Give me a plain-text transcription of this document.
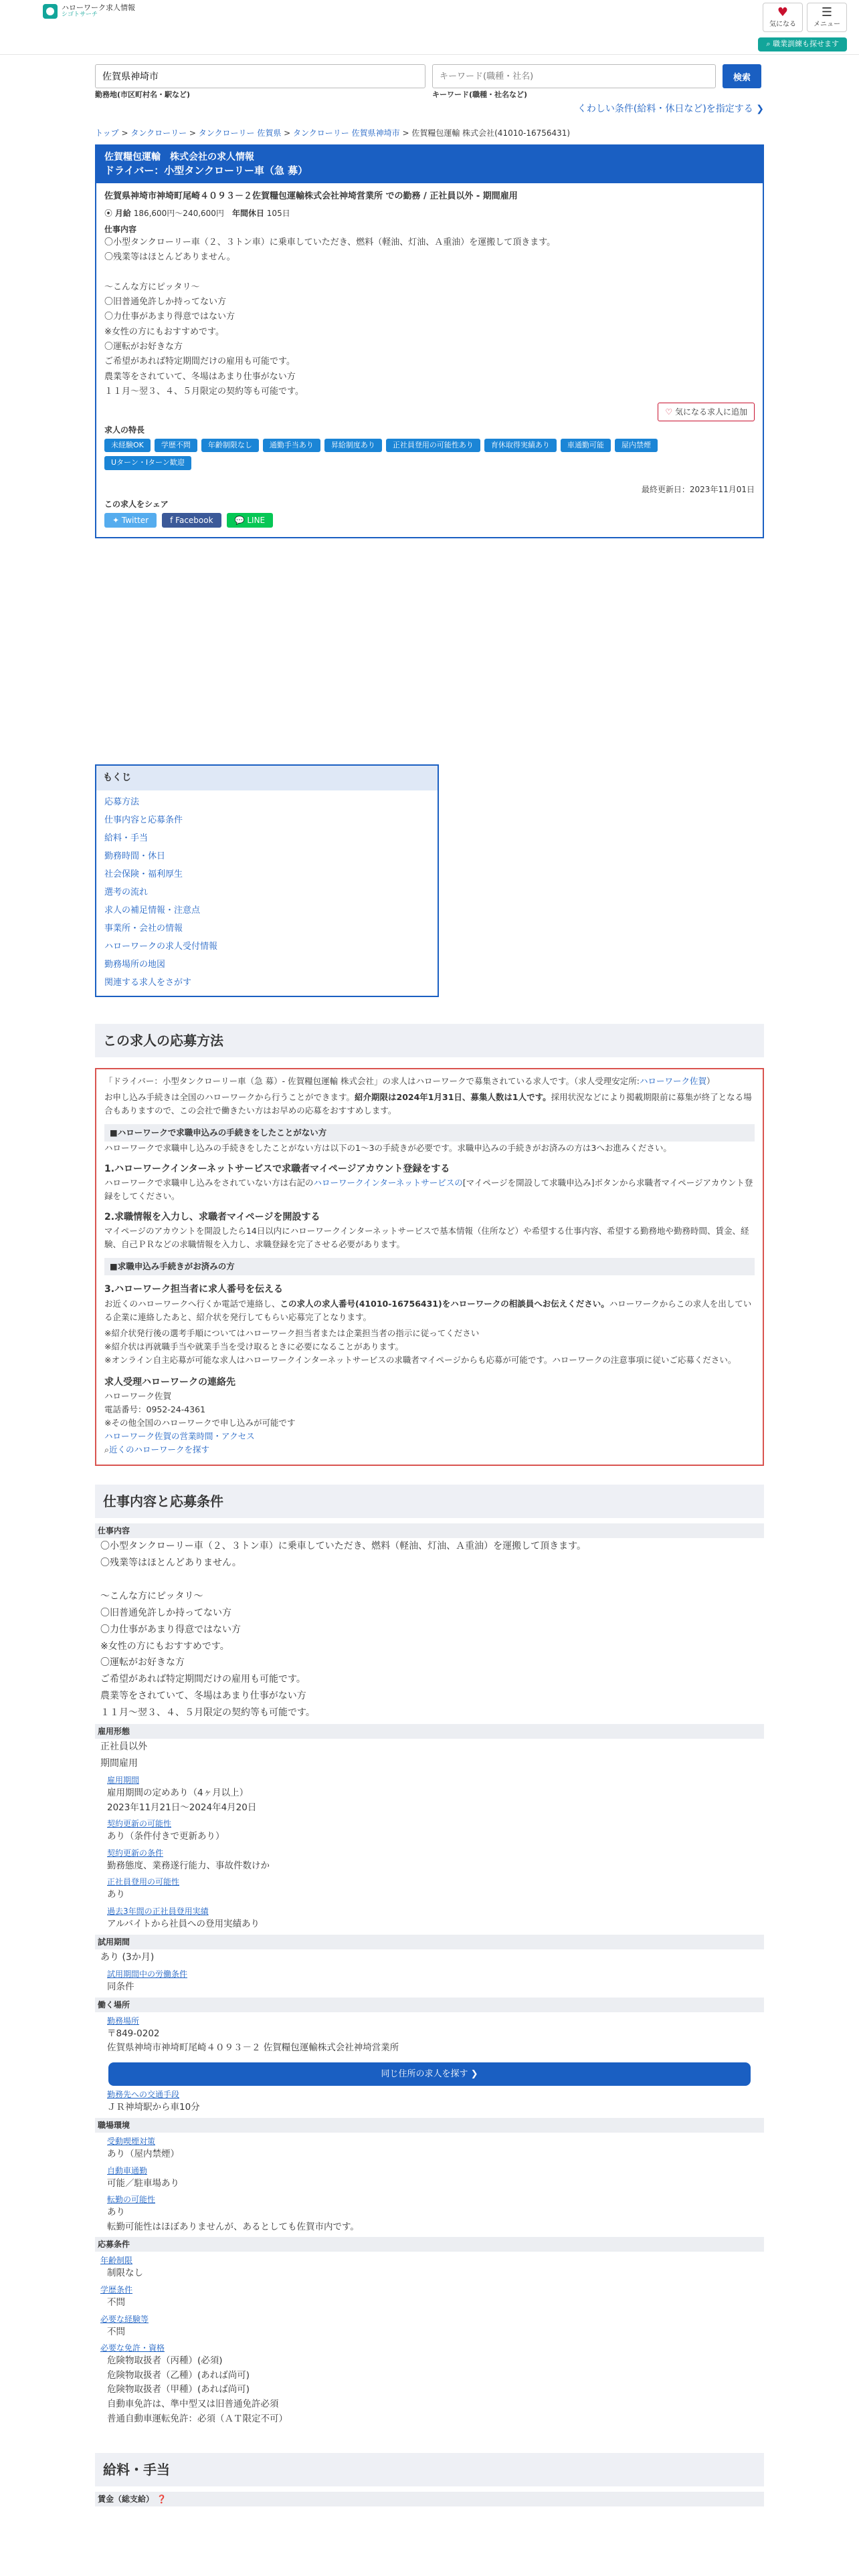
ハローワーク求人情報
シゴトサーチ	♥
気になる
☰
メニュー
⌕ 職業訓練も探せます
佐賀県神埼市
勤務地(市区町村名・駅など)
キーワード(職種・社名)	キーワード(職種・社名など)
検索
くわしい条件(給料・休日など)を指定する ❯
トップ > タンクローリー > タンクローリー 佐賀県 > タンクローリー 佐賀県神埼市 > 佐賀糧包運輸 株式会社(41010-16756431)
佐賀糧包運輸　株式会社の求人情報
ドライバー：小型タンクローリー車（急 募）
佐賀県神埼市神埼町尾崎４０９３－２佐賀糧包運輸株式会社神埼営業所 での勤務 / 正社員以外 - 期間雇用
⦿ 月給 186,600円〜240,600円　 年間休日 105日
仕事内容
〇小型タンクローリー車（２、３トン車）に乗車していただき、燃料（軽油、灯油、Ａ重油）を運搬して頂きます。
〇残業等はほとんどありません。

〜こんな方にピッタリ〜
〇旧普通免許しか持ってない方
〇力仕事があまり得意ではない方
※女性の方にもおすすめです。
〇運転がお好きな方
ご希望があれば特定期間だけの雇用も可能です。
農業等をされていて、冬場はあまり仕事がない方
１１月〜翌３、４、５月限定の契約等も可能です。
♡ 気になる求人に追加
求人の特長
未経験OK	学歴不問	年齢制限なし	通勤手当あり	昇給制度あり	正社員登用の可能性あり	育休取得実績あり	車通勤可能	屋内禁煙
Uターン・Iターン歓迎
最終更新日：2023年11月01日
この求人をシェア
✦ Twitter	f Facebook	💬 LINE
もくじ
応募方法
仕事内容と応募条件
給料・手当
勤務時間・休日
社会保険・福利厚生
選考の流れ
求人の補足情報・注意点
事業所・会社の情報
ハローワークの求人受付情報
勤務場所の地図
関連する求人をさがす
この求人の応募方法

「ドライバー：小型タンクローリー車（急 募）- 佐賀糧包運輸 株式会社」の求人はハローワークで募集されている求人です。（求人受理安定所:ハローワーク佐賀）

お申し込み手続きは全国のハローワークから行うことができます。紹介期限は2024年1月31日、募集人数は1人です。採用状況などにより掲載期限前に募集が終了となる場合もありますので、この会社で働きたい方はお早めの応募をおすすめします。

■ハローワークで求職申込みの手続きをしたことがない方

ハローワークで求職申し込みの手続きをしたことがない方は以下の1〜3の手続きが必要です。求職申込みの手続きがお済みの方は3へお進みください。

1.ハローワークインターネットサービスで求職者マイページアカウント登録をする

ハローワークで求職申し込みをされていない方は右記のハローワークインターネットサービスの[マイページを開設して求職申込み]ボタンから求職者マイページアカウント登録をしてください。

2.求職情報を入力し、求職者マイページを開設する

マイページのアカウントを開設したら14日以内にハローワークインターネットサービスで基本情報（住所など）や希望する仕事内容、希望する勤務地や勤務時間、賃金、経験、自己ＰＲなどの求職情報を入力し、求職登録を完了させる必要があります。

■求職申込み手続きがお済みの方
3.ハローワーク担当者に求人番号を伝える

お近くのハローワークへ行くか電話で連絡し、この求人の求人番号(41010-16756431)をハローワークの相談員へお伝えください。ハローワークからこの求人を出している企業に連絡したあと、紹介状を発行してもらい応募完了となります。

※紹介状発行後の選考手順についてはハローワーク担当者または企業担当者の指示に従ってください
※紹介状は再就職手当や就業手当を受け取るときに必要になることがあります。
※オンライン自主応募が可能な求人はハローワークインターネットサービスの求職者マイページからも応募が可能です。ハローワークの注意事項に従いご応募ください。
求人受理ハローワークの連絡先
ハローワーク佐賀
電話番号：0952-24-4361
※その他全国のハローワークで申し込みが可能です
ハローワーク佐賀の営業時間・アクセス
⌕近くのハローワークを探す
仕事内容と応募条件
仕事内容
〇小型タンクローリー車（２、３トン車）に乗車していただき、燃料（軽油、灯油、Ａ重油）を運搬して頂きます。
〇残業等はほとんどありません。

〜こんな方にピッタリ〜
〇旧普通免許しか持ってない方
〇力仕事があまり得意ではない方
※女性の方にもおすすめです。
〇運転がお好きな方
ご希望があれば特定期間だけの雇用も可能です。
農業等をされていて、冬場はあまり仕事がない方
１１月〜翌３、４、５月限定の契約等も可能です。
雇用形態
正社員以外
期間雇用
雇用期間
雇用期間の定めあり（4ヶ月以上）
2023年11月21日〜2024年4月20日
契約更新の可能性
あり（条件付きで更新あり）
契約更新の条件
勤務態度、業務遂行能力、事故件数けか
正社員登用の可能性
あり
過去3年間の正社員登用実績
アルバイトから社員への登用実績あり
試用期間
あり (3か月)
試用期間中の労働条件
同条件
働く場所
勤務場所
〒849-0202
佐賀県神埼市神埼町尾崎４０９３－２ 佐賀糧包運輸株式会社神埼営業所
同じ住所の求人を探す ❯
勤務先への交通手段
ＪＲ神埼駅から車10分
職場環境
受動喫煙対策
あり（屋内禁煙）
自動車通勤
可能／駐車場あり
転勤の可能性
あり
転勤可能性はほぼありませんが、あるとしても佐賀市内です。
応募条件
年齢制限
制限なし
学歴条件
不問
必要な経験等
不問
必要な免許・資格
危険物取扱者（丙種）(必須)
危険物取扱者（乙種）(あれば尚可)
危険物取扱者（甲種）(あれば尚可)
自動車免許は、準中型又は旧普通免許必須
普通自動車運転免許：必須（ＡＴ限定不可）
給料・手当
賃金（総支給） ❓
